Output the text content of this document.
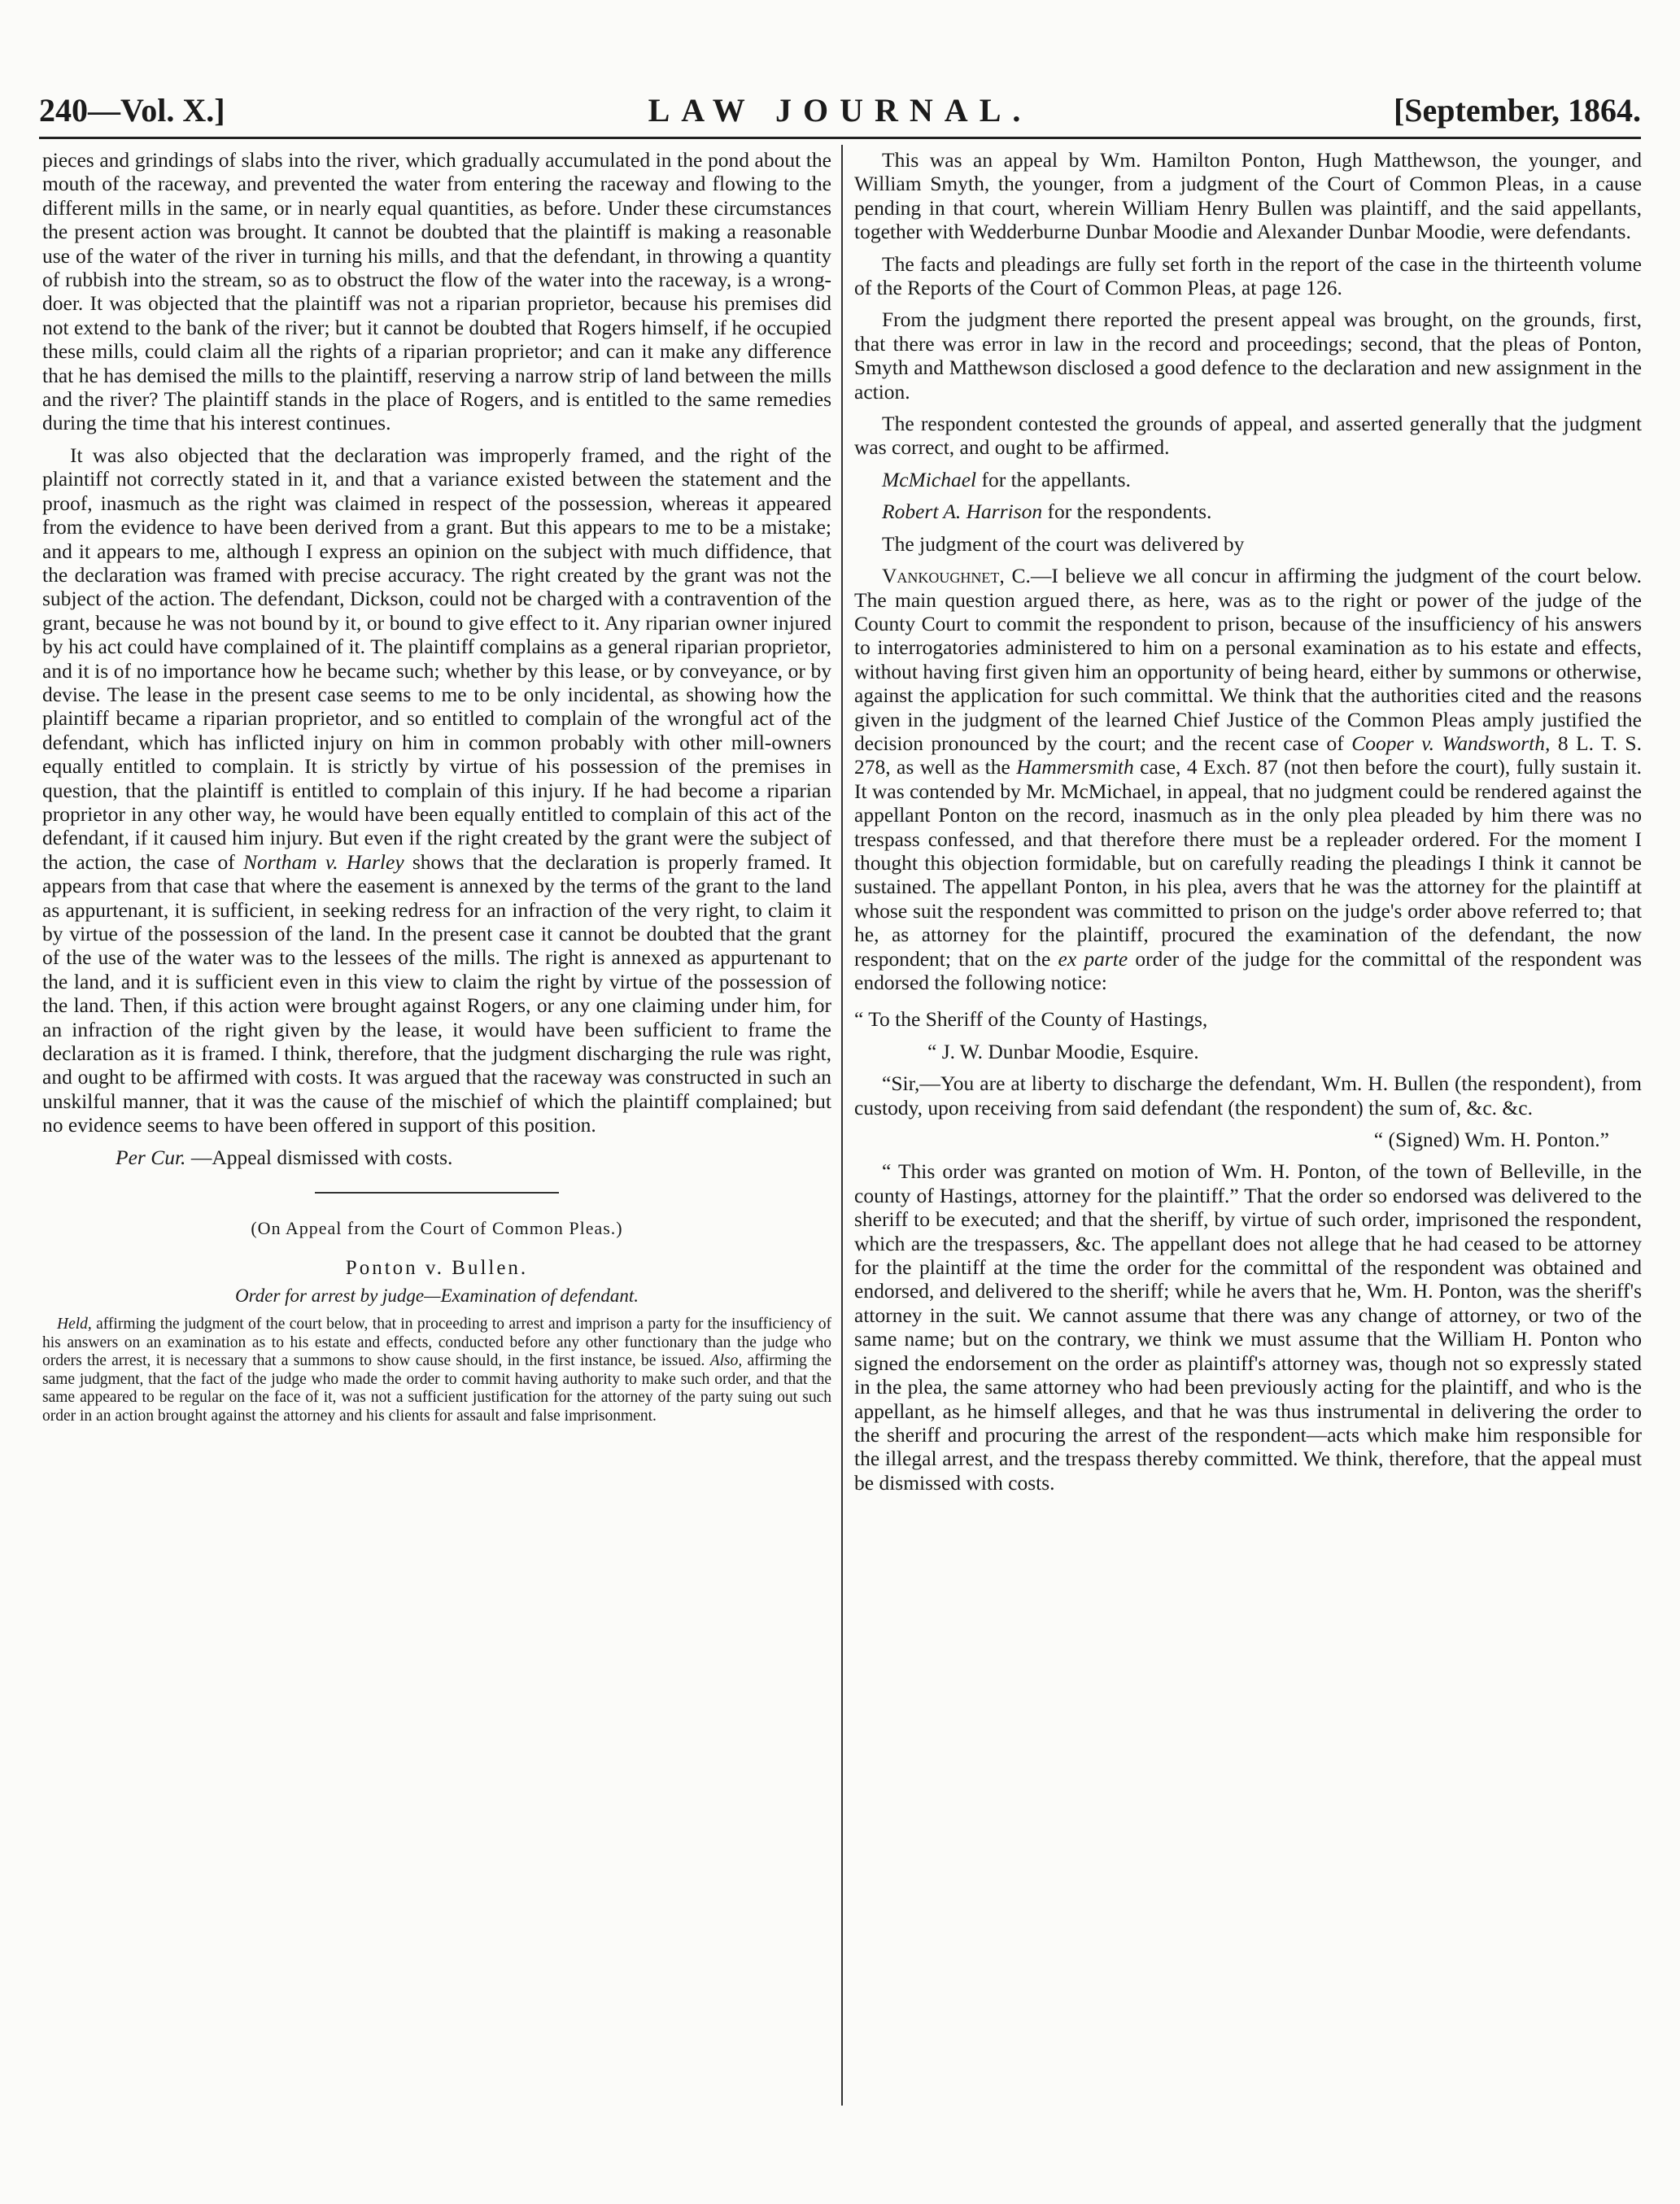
240—Vol. X.]	LAW JOURNAL.	[September, 1864.

pieces and grindings of slabs into the river, which gradually accumulated in the pond about the mouth of the raceway, and prevented the water from entering the raceway and flowing to the different mills in the same, or in nearly equal quantities, as before. Under these circumstances the present action was brought. It cannot be doubted that the plaintiff is making a reasonable use of the water of the river in turning his mills, and that the defendant, in throwing a quantity of rubbish into the stream, so as to obstruct the flow of the water into the raceway, is a wrong-doer. It was objected that the plaintiff was not a riparian proprietor, because his premises did not extend to the bank of the river; but it cannot be doubted that Rogers himself, if he occupied these mills, could claim all the rights of a riparian proprietor; and can it make any difference that he has demised the mills to the plaintiff, reserving a narrow strip of land between the mills and the river? The plaintiff stands in the place of Rogers, and is entitled to the same remedies during the time that his interest continues.

It was also objected that the declaration was improperly framed, and the right of the plaintiff not correctly stated in it, and that a variance existed between the statement and the proof, inasmuch as the right was claimed in respect of the possession, whereas it appeared from the evidence to have been derived from a grant. But this appears to me to be a mistake; and it appears to me, although I express an opinion on the subject with much diffidence, that the declaration was framed with precise accuracy. The right created by the grant was not the subject of the action. The defendant, Dickson, could not be charged with a contravention of the grant, because he was not bound by it, or bound to give effect to it. Any riparian owner injured by his act could have complained of it. The plaintiff complains as a general riparian proprietor, and it is of no importance how he became such; whether by this lease, or by conveyance, or by devise. The lease in the present case seems to me to be only incidental, as showing how the plaintiff became a riparian proprietor, and so entitled to complain of the wrongful act of the defendant, which has inflicted injury on him in common probably with other mill-owners equally entitled to complain. It is strictly by virtue of his possession of the premises in question, that the plaintiff is entitled to complain of this injury. If he had become a riparian proprietor in any other way, he would have been equally entitled to complain of this act of the defendant, if it caused him injury. But even if the right created by the grant were the subject of the action, the case of Northam v. Harley shows that the declaration is properly framed. It appears from that case that where the easement is annexed by the terms of the grant to the land as appurtenant, it is sufficient, in seeking redress for an infraction of the very right, to claim it by virtue of the possession of the land. In the present case it cannot be doubted that the grant of the use of the water was to the lessees of the mills. The right is annexed as appurtenant to the land, and it is sufficient even in this view to claim the right by virtue of the possession of the land. Then, if this action were brought against Rogers, or any one claiming under him, for an infraction of the right given by the lease, it would have been sufficient to frame the declaration as it is framed. I think, therefore, that the judgment discharging the rule was right, and ought to be affirmed with costs. It was argued that the raceway was constructed in such an unskilful manner, that it was the cause of the mischief of which the plaintiff complained; but no evidence seems to have been offered in support of this position.

Per Cur. —Appeal dismissed with costs.

(On Appeal from the Court of Common Pleas.)
Ponton v. Bullen.
Order for arrest by judge—Examination of defendant.
Held, affirming the judgment of the court below, that in proceeding to arrest and imprison a party for the insufficiency of his answers on an examination as to his estate and effects, conducted before any other functionary than the judge who orders the arrest, it is necessary that a summons to show cause should, in the first instance, be issued. Also, affirming the same judgment, that the fact of the judge who made the order to commit having authority to make such order, and that the same appeared to be regular on the face of it, was not a sufficient justification for the attorney of the party suing out such order in an action brought against the attorney and his clients for assault and false imprisonment.

This was an appeal by Wm. Hamilton Ponton, Hugh Matthewson, the younger, and William Smyth, the younger, from a judgment of the Court of Common Pleas, in a cause pending in that court, wherein William Henry Bullen was plaintiff, and the said appellants, together with Wedderburne Dunbar Moodie and Alexander Dunbar Moodie, were defendants.

The facts and pleadings are fully set forth in the report of the case in the thirteenth volume of the Reports of the Court of Common Pleas, at page 126.

From the judgment there reported the present appeal was brought, on the grounds, first, that there was error in law in the record and proceedings; second, that the pleas of Ponton, Smyth and Matthewson disclosed a good defence to the declaration and new assignment in the action.

The respondent contested the grounds of appeal, and asserted generally that the judgment was correct, and ought to be affirmed.

McMichael for the appellants.

Robert A. Harrison for the respondents.

The judgment of the court was delivered by

Vankoughnet, C.—I believe we all concur in affirming the judgment of the court below. The main question argued there, as here, was as to the right or power of the judge of the County Court to commit the respondent to prison, because of the insufficiency of his answers to interrogatories administered to him on a personal examination as to his estate and effects, without having first given him an opportunity of being heard, either by summons or otherwise, against the application for such committal. We think that the authorities cited and the reasons given in the judgment of the learned Chief Justice of the Common Pleas amply justified the decision pronounced by the court; and the recent case of Cooper v. Wandsworth, 8 L. T. S. 278, as well as the Hammersmith case, 4 Exch. 87 (not then before the court), fully sustain it. It was contended by Mr. McMichael, in appeal, that no judgment could be rendered against the appellant Ponton on the record, inasmuch as in the only plea pleaded by him there was no trespass confessed, and that therefore there must be a repleader ordered. For the moment I thought this objection formidable, but on carefully reading the pleadings I think it cannot be sustained. The appellant Ponton, in his plea, avers that he was the attorney for the plaintiff at whose suit the respondent was committed to prison on the judge's order above referred to; that he, as attorney for the plaintiff, procured the examination of the defendant, the now respondent; that on the ex parte order of the judge for the committal of the respondent was endorsed the following notice:

“ To the Sheriff of the County of Hastings,

“ J. W. Dunbar Moodie, Esquire.

“Sir,—You are at liberty to discharge the defendant, Wm. H. Bullen (the respondent), from custody, upon receiving from said defendant (the respondent) the sum of, &c. &c.

“ (Signed) Wm. H. Ponton.”

“ This order was granted on motion of Wm. H. Ponton, of the town of Belleville, in the county of Hastings, attorney for the plaintiff.” That the order so endorsed was delivered to the sheriff to be executed; and that the sheriff, by virtue of such order, imprisoned the respondent, which are the trespassers, &c. The appellant does not allege that he had ceased to be attorney for the plaintiff at the time the order for the committal of the respondent was obtained and endorsed, and delivered to the sheriff; while he avers that he, Wm. H. Ponton, was the sheriff's attorney in the suit. We cannot assume that there was any change of attorney, or two of the same name; but on the contrary, we think we must assume that the William H. Ponton who signed the endorsement on the order as plaintiff's attorney was, though not so expressly stated in the plea, the same attorney who had been previously acting for the plaintiff, and who is the appellant, as he himself alleges, and that he was thus instrumental in delivering the order to the sheriff and procuring the arrest of the respondent—acts which make him responsible for the illegal arrest, and the trespass thereby committed. We think, therefore, that the appeal must be dismissed with costs.
